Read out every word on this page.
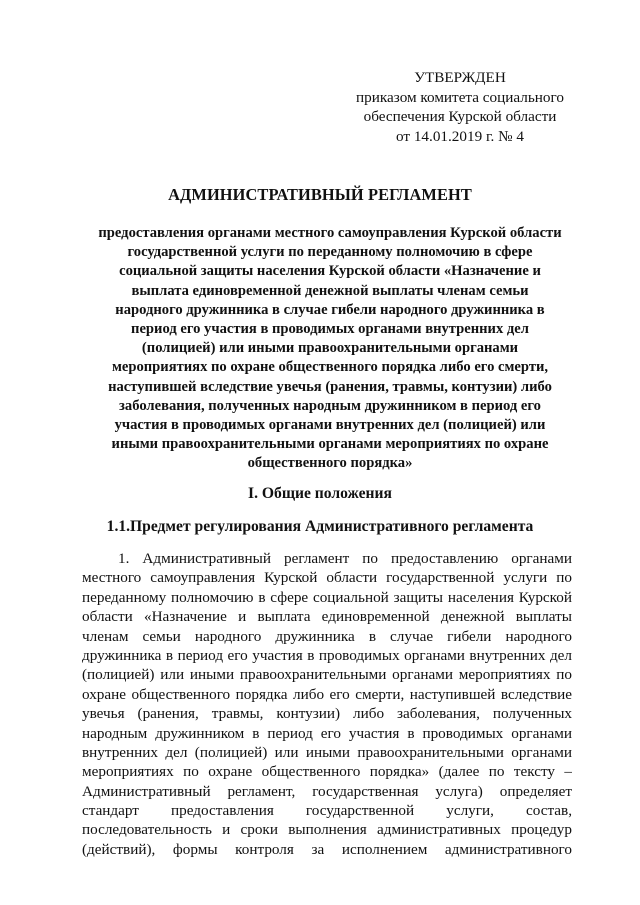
УТВЕРЖДЕН
приказом комитета социального
обеспечения Курской области
от 14.01.2019 г. № 4
АДМИНИСТРАТИВНЫЙ РЕГЛАМЕНТ
предоставления органами местного самоуправления Курской области
государственной услуги по переданному полномочию в сфере
социальной защиты населения Курской области «Назначение и
выплата единовременной денежной выплаты членам семьи
народного дружинника в случае гибели народного дружинника в
период его участия в проводимых органами внутренних дел
(полицией) или иными правоохранительными органами
мероприятиях по охране общественного порядка либо его смерти,
наступившей вследствие увечья (ранения, травмы, контузии) либо
заболевания, полученных народным дружинником в период его
участия в проводимых органами внутренних дел (полицией) или
иными правоохранительными органами мероприятиях по охране
общественного порядка»
I. Общие положения
1.1.Предмет регулирования Административного регламента
1. Административный регламент по предоставлению органами
местного самоуправления Курской области государственной услуги по
переданному полномочию в сфере социальной защиты населения Курской
области «Назначение и выплата единовременной денежной выплаты
членам семьи народного дружинника в случае гибели народного
дружинника в период его участия в проводимых органами внутренних дел
(полицией) или иными правоохранительными органами мероприятиях по
охране общественного порядка либо его смерти, наступившей вследствие
увечья (ранения, травмы, контузии) либо заболевания, полученных
народным дружинником в период его участия в проводимых органами
внутренних дел (полицией) или иными правоохранительными органами
мероприятиях по охране общественного порядка» (далее по тексту –
Административный регламент, государственная услуга) определяет
стандарт предоставления государственной услуги, состав,
последовательность и сроки выполнения административных процедур
(действий), формы контроля за исполнением административного
